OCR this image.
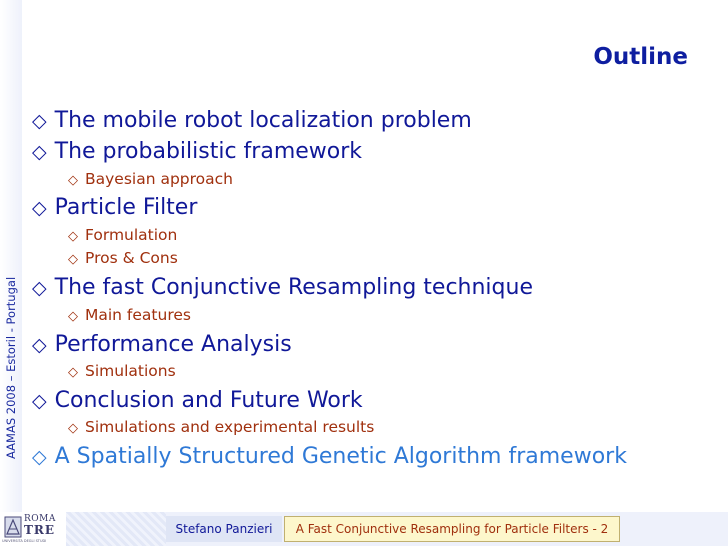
AAMAS 2008 – Estoril - Portugal
Outline
◇ The mobile robot localization problem
◇ The probabilistic framework
◇ Bayesian approach
◇ Particle Filter
◇ Formulation
◇ Pros & Cons
◇ The fast Conjunctive Resampling technique
◇ Main features
◇ Performance Analysis
◇ Simulations
◇ Conclusion and Future Work
◇ Simulations and experimental results
◇ A Spatially Structured Genetic Algorithm framework
ROMA
TRE
UNIVERSITÀ DEGLI STUDI
Stefano Panzieri	A Fast Conjunctive Resampling for Particle Filters - 2
